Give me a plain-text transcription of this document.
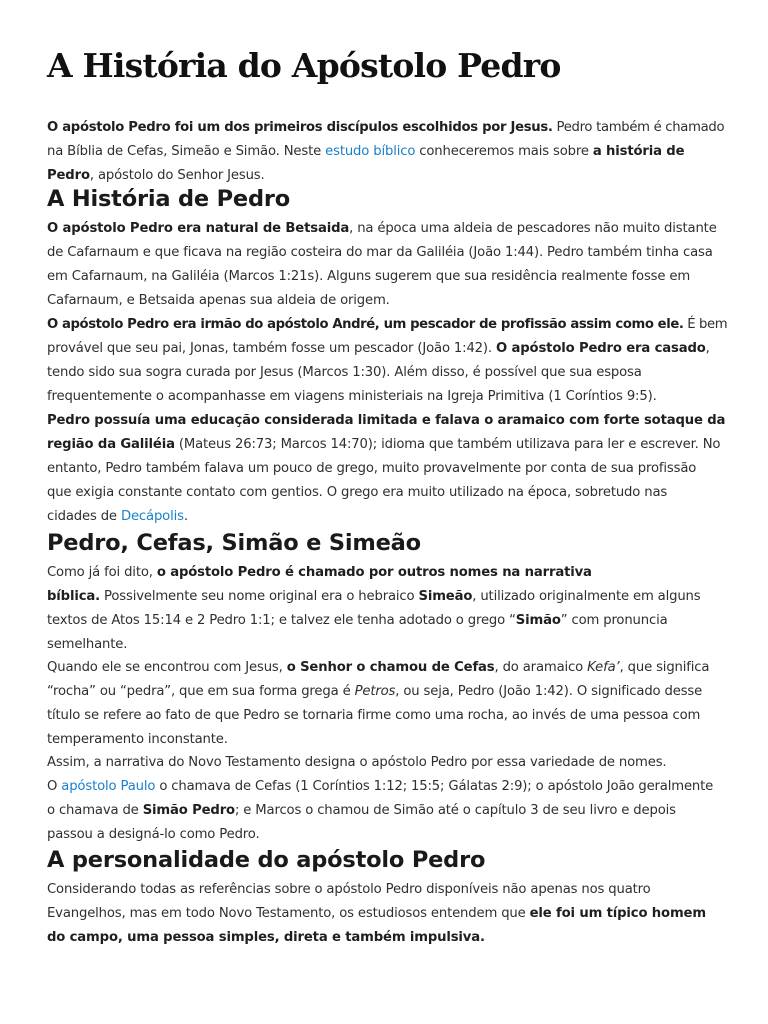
A História do Apóstolo Pedro
O apóstolo Pedro foi um dos primeiros discípulos escolhidos por Jesus. Pedro também é chamado
na Bíblia de Cefas, Simeão e Simão. Neste estudo bíblico conheceremos mais sobre a história de
Pedro, apóstolo do Senhor Jesus.
A História de Pedro
O apóstolo Pedro era natural de Betsaida, na época uma aldeia de pescadores não muito distante
de Cafarnaum e que ficava na região costeira do mar da Galiléia (João 1:44). Pedro também tinha casa
em Cafarnaum, na Galiléia (Marcos 1:21s). Alguns sugerem que sua residência realmente fosse em
Cafarnaum, e Betsaida apenas sua aldeia de origem.
O apóstolo Pedro era irmão do apóstolo André, um pescador de profissão assim como ele. É bem
provável que seu pai, Jonas, também fosse um pescador (João 1:42). O apóstolo Pedro era casado,
tendo sido sua sogra curada por Jesus (Marcos 1:30). Além disso, é possível que sua esposa
frequentemente o acompanhasse em viagens ministeriais na Igreja Primitiva (1 Coríntios 9:5).
Pedro possuía uma educação considerada limitada e falava o aramaico com forte sotaque da
região da Galiléia (Mateus 26:73; Marcos 14:70); idioma que também utilizava para ler e escrever. No
entanto, Pedro também falava um pouco de grego, muito provavelmente por conta de sua profissão
que exigia constante contato com gentios. O grego era muito utilizado na época, sobretudo nas
cidades de Decápolis.
Pedro, Cefas, Simão e Simeão
Como já foi dito, o apóstolo Pedro é chamado por outros nomes na narrativa
bíblica. Possivelmente seu nome original era o hebraico Simeão, utilizado originalmente em alguns
textos de Atos 15:14 e 2 Pedro 1:1; e talvez ele tenha adotado o grego “Simão” com pronuncia
semelhante.
Quando ele se encontrou com Jesus, o Senhor o chamou de Cefas, do aramaico Kefa’, que significa
“rocha” ou “pedra”, que em sua forma grega é Petros, ou seja, Pedro (João 1:42). O significado desse
título se refere ao fato de que Pedro se tornaria firme como uma rocha, ao invés de uma pessoa com
temperamento inconstante.
Assim, a narrativa do Novo Testamento designa o apóstolo Pedro por essa variedade de nomes.
O apóstolo Paulo o chamava de Cefas (1 Coríntios 1:12; 15:5; Gálatas 2:9); o apóstolo João geralmente
o chamava de Simão Pedro; e Marcos o chamou de Simão até o capítulo 3 de seu livro e depois
passou a designá-lo como Pedro.
A personalidade do apóstolo Pedro
Considerando todas as referências sobre o apóstolo Pedro disponíveis não apenas nos quatro
Evangelhos, mas em todo Novo Testamento, os estudiosos entendem que ele foi um típico homem
do campo, uma pessoa simples, direta e também impulsiva.
